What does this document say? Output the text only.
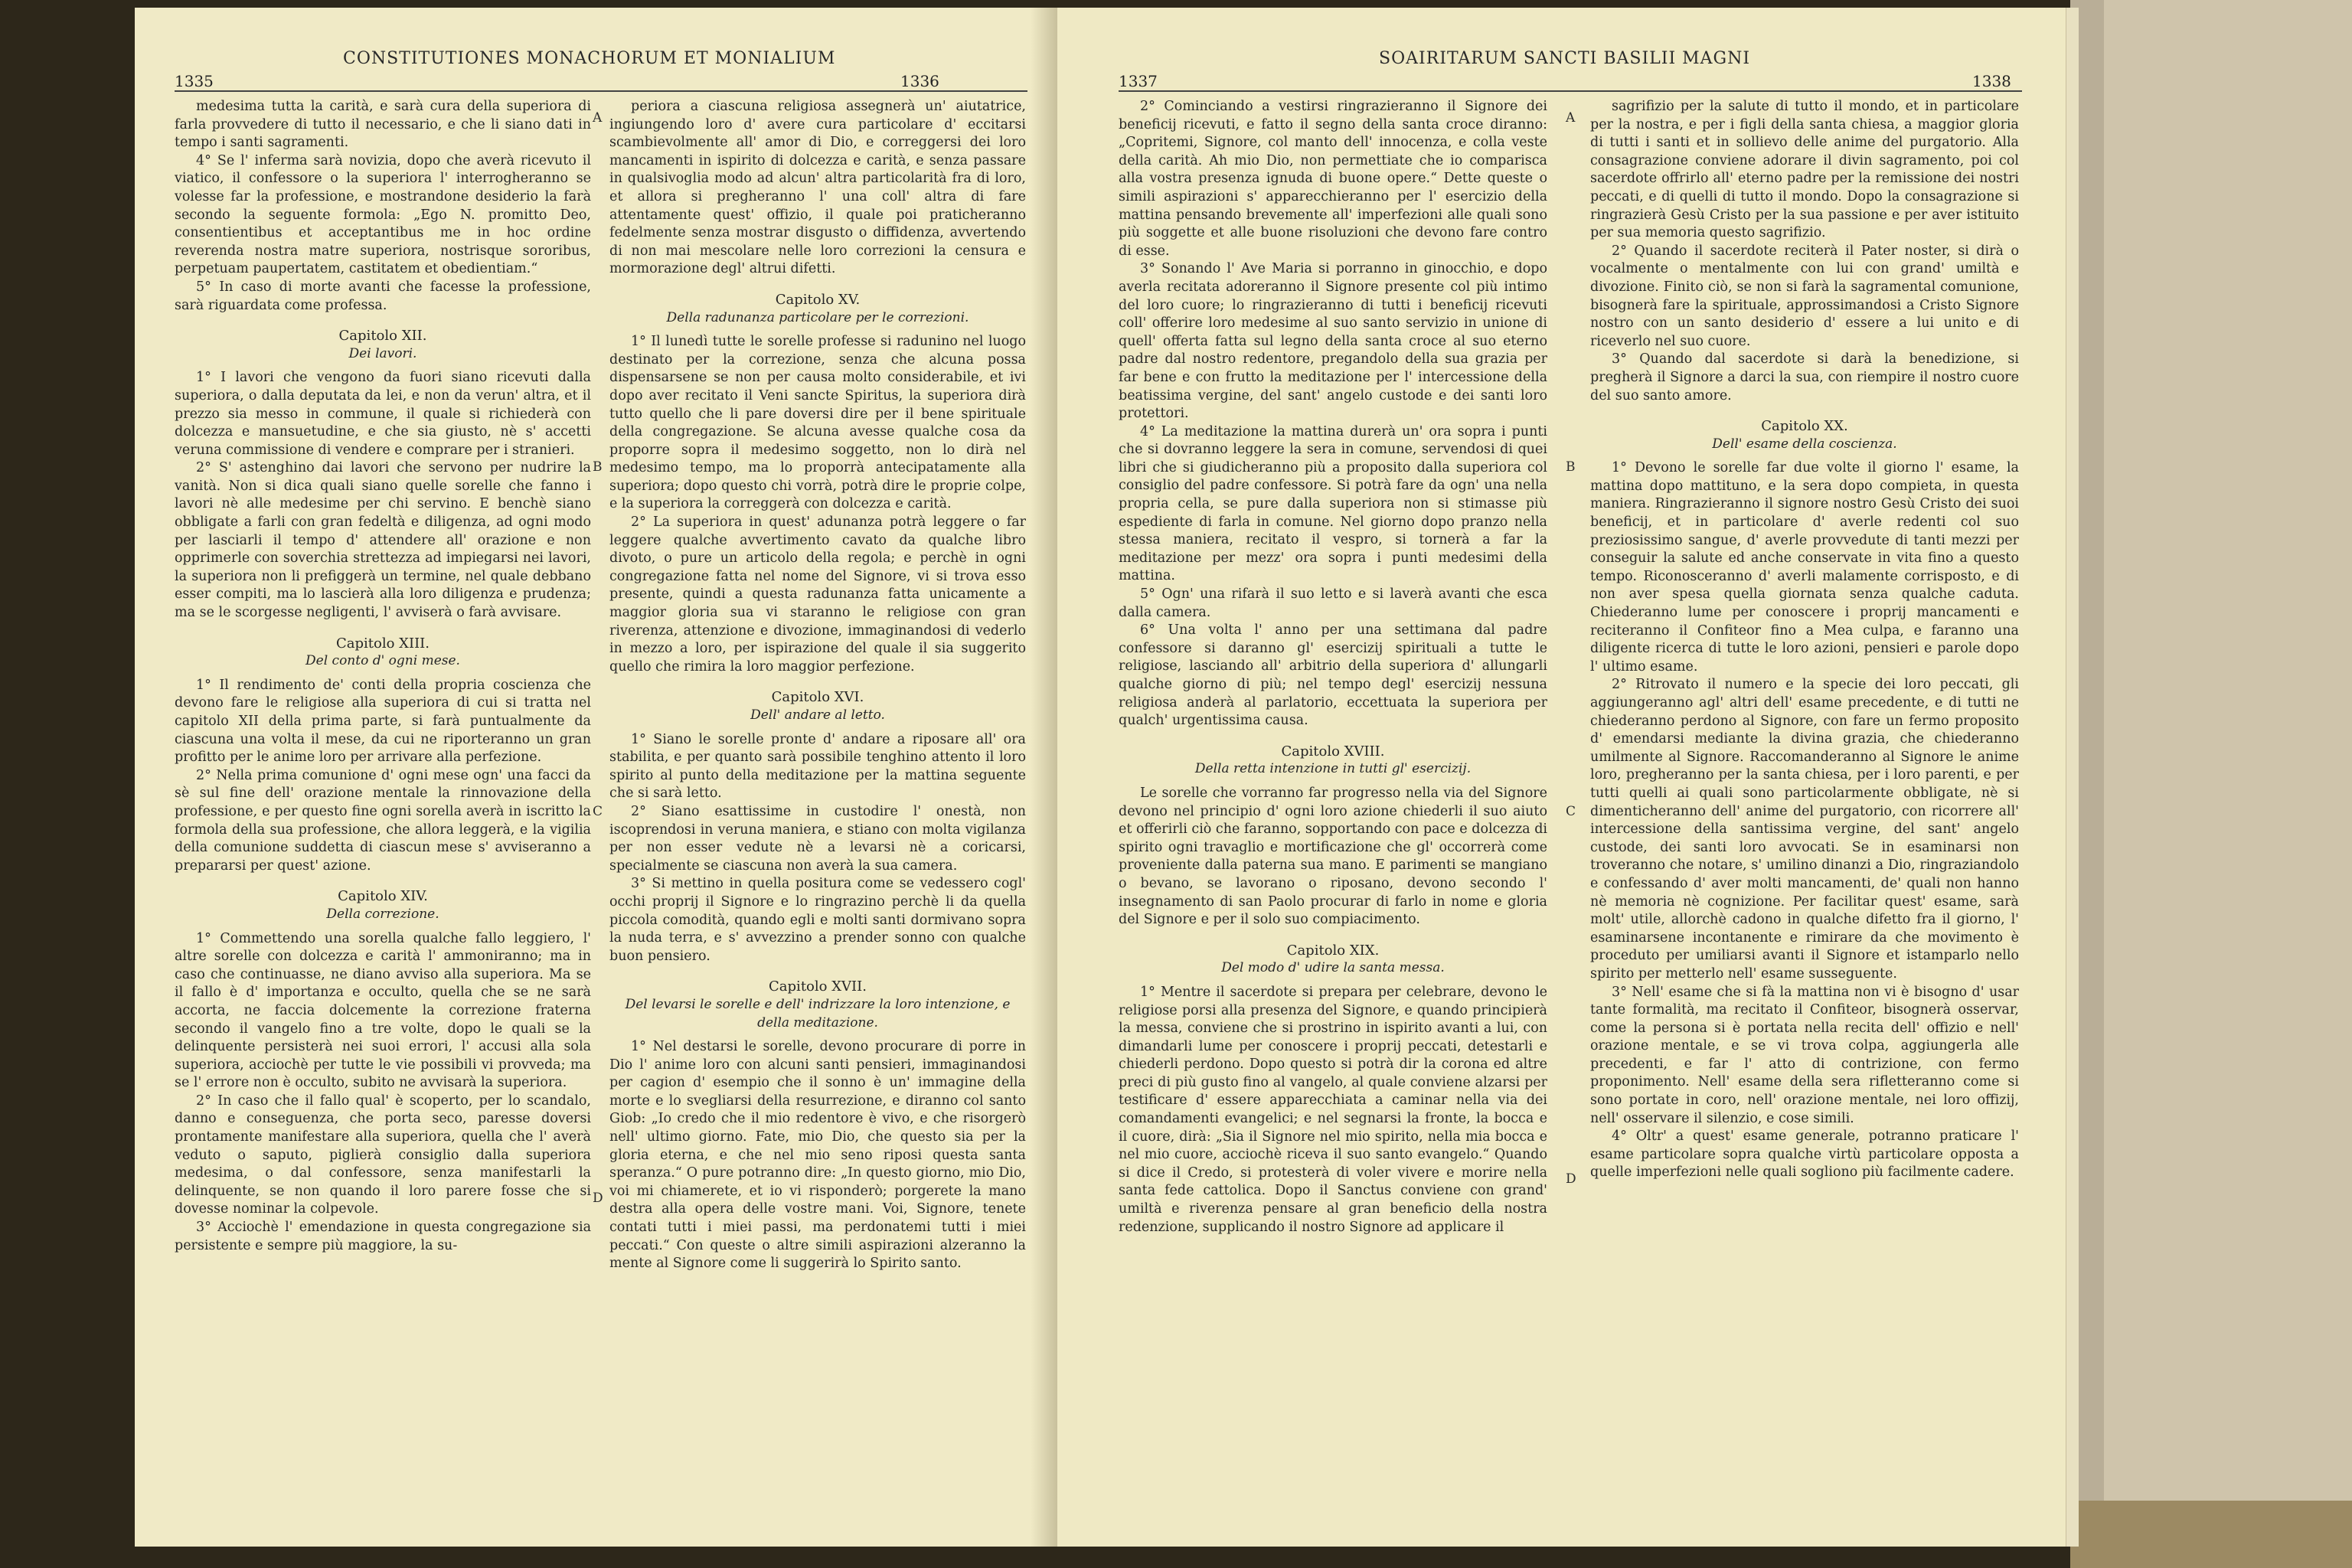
1335
CONSTITUTIONES MONACHORUM ET MONIALIUM
1336

medesima tutta la carità, e sarà cura della superiora di farla provvedere di tutto il necessario, e che li siano dati in tempo i santi sagramenti.

4° Se l' inferma sarà novizia, dopo che averà ricevuto il viatico, il confessore o la superiora l' interrogheranno se volesse far la professione, e mostrandone desiderio la farà secondo la seguente formola: „Ego N. promitto Deo, consentientibus et acceptantibus me in hoc ordine reverenda nostra matre superiora, nostrisque sororibus, perpetuam paupertatem, castitatem et obedientiam.“

5° In caso di morte avanti che facesse la professione, sarà riguardata come professa.

Capitolo XII.

Dei lavori.

1° I lavori che vengono da fuori siano ricevuti dalla superiora, o dalla deputata da lei, e non da verun' altra, et il prezzo sia messo in commune, il quale si richiederà con dolcezza e mansuetudine, e che sia giusto, nè s' accetti veruna commissione di vendere e comprare per i stranieri.

2° S' astenghino dai lavori che servono per nudrire la vanità. Non si dica quali siano quelle sorelle che fanno i lavori nè alle medesime per chi servino. E benchè siano obbligate a farli con gran fedeltà e diligenza, ad ogni modo per lasciarli il tempo d' attendere all' orazione e non opprimerle con soverchia strettezza ad impiegarsi nei lavori, la superiora non li prefiggerà un termine, nel quale debbano esser compiti, ma lo lascierà alla loro diligenza e prudenza; ma se le scorgesse negligenti, l' avviserà o farà avvisare.

Capitolo XIII.

Del conto d' ogni mese.

1° Il rendimento de' conti della propria coscienza che devono fare le religiose alla superiora di cui si tratta nel capitolo XII della prima parte, si farà puntualmente da ciascuna una volta il mese, da cui ne riporteranno un gran profitto per le anime loro per arrivare alla perfezione.

2° Nella prima comunione d' ogni mese ogn' una facci da sè sul fine dell' orazione mentale la rinnovazione della professione, e per questo fine ogni sorella averà in iscritto la formola della sua professione, che allora leggerà, e la vigilia della comunione suddetta di ciascun mese s' avviseranno a prepararsi per quest' azione.

Capitolo XIV.

Della correzione.

1° Commettendo una sorella qualche fallo leggiero, l' altre sorelle con dolcezza e carità l' ammoniranno; ma in caso che continuasse, ne diano avviso alla superiora. Ma se il fallo è d' importanza e occulto, quella che se ne sarà accorta, ne faccia dolcemente la correzione fraterna secondo il vangelo fino a tre volte, dopo le quali se la delinquente persisterà nei suoi errori, l' accusi alla sola superiora, acciochè per tutte le vie possibili vi provveda; ma se l' errore non è occulto, subito ne avvisarà la superiora.

2° In caso che il fallo qual' è scoperto, per lo scandalo, danno e conseguenza, che porta seco, paresse doversi prontamente manifestare alla superiora, quella che l' averà veduto o saputo, piglierà consiglio dalla superiora medesima, o dal confessore, senza manifestarli la delinquente, se non quando il loro parere fosse che si dovesse nominar la colpevole.

3° Acciochè l' emendazione in questa congregazione sia persistente e sempre più maggiore, la su-

periora a ciascuna religiosa assegnerà un' aiutatrice, ingiungendo loro d' avere cura particolare d' eccitarsi scambievolmente all' amor di Dio, e correggersi dei loro mancamenti in ispirito di dolcezza e carità, e senza passare in qualsivoglia modo ad alcun' altra particolarità fra di loro, et allora si pregheranno l' una coll' altra di fare attentamente quest' offizio, il quale poi praticheranno fedelmente senza mostrar disgusto o diffidenza, avvertendo di non mai mescolare nelle loro correzioni la censura e mormorazione degl' altrui difetti.

Capitolo XV.

Della radunanza particolare per le correzioni.

1° Il lunedì tutte le sorelle professe si radunino nel luogo destinato per la correzione, senza che alcuna possa dispensarsene se non per causa molto considerabile, et ivi dopo aver recitato il Veni sancte Spiritus, la superiora dirà tutto quello che li pare doversi dire per il bene spirituale della congregazione. Se alcuna avesse qualche cosa da proporre sopra il medesimo soggetto, non lo dirà nel medesimo tempo, ma lo proporrà antecipatamente alla superiora; dopo questo chi vorrà, potrà dire le proprie colpe, e la superiora la correggerà con dolcezza e carità.

2° La superiora in quest' adunanza potrà leggere o far leggere qualche avvertimento cavato da qualche libro divoto, o pure un articolo della regola; e perchè in ogni congregazione fatta nel nome del Signore, vi si trova esso presente, quindi a questa radunanza fatta unicamente a maggior gloria sua vi staranno le religiose con gran riverenza, attenzione e divozione, immaginandosi di vederlo in mezzo a loro, per ispirazione del quale il sia suggerito quello che rimira la loro maggior perfezione.

Capitolo XVI.

Dell' andare al letto.

1° Siano le sorelle pronte d' andare a riposare all' ora stabilita, e per quanto sarà possibile tenghino attento il loro spirito al punto della meditazione per la mattina seguente che si sarà letto.

2° Siano esattissime in custodire l' onestà, non iscoprendosi in veruna maniera, e stiano con molta vigilanza per non esser vedute nè a levarsi nè a coricarsi, specialmente se ciascuna non averà la sua camera.

3° Si mettino in quella positura come se vedessero cogl' occhi proprij il Signore e lo ringrazino perchè li da quella piccola comodità, quando egli e molti santi dormivano sopra la nuda terra, e s' avvezzino a prender sonno con qualche buon pensiero.

Capitolo XVII.

Del levarsi le sorelle e dell' indrizzare la loro intenzione, e della meditazione.

1° Nel destarsi le sorelle, devono procurare di porre in Dio l' anime loro con alcuni santi pensieri, immaginandosi per cagion d' esempio che il sonno è un' immagine della morte e lo svegliarsi della resurrezione, e diranno col santo Giob: „Io credo che il mio redentore è vivo, e che risorgerò nell' ultimo giorno. Fate, mio Dio, che questo sia per la gloria eterna, e che nel mio seno riposi questa santa speranza.“ O pure potranno dire: „In questo giorno, mio Dio, voi mi chiamerete, et io vi risponderò; porgerete la mano destra alla opera delle vostre mani. Voi, Signore, tenete contati tutti i miei passi, ma perdonatemi tutti i miei peccati.“ Con queste o altre simili aspirazioni alzeranno la mente al Signore come li suggerirà lo Spirito santo.

A
B
C
D
1337
SOAIRITARUM SANCTI BASILII MAGNI
1338

2° Cominciando a vestirsi ringrazieranno il Signore dei beneficij ricevuti, e fatto il segno della santa croce diranno: „Copritemi, Signore, col manto dell' innocenza, e colla veste della carità. Ah mio Dio, non permettiate che io comparisca alla vostra presenza ignuda di buone opere.“ Dette queste o simili aspirazioni s' apparecchieranno per l' esercizio della mattina pensando brevemente all' imperfezioni alle quali sono più soggette et alle buone risoluzioni che devono fare contro di esse.

3° Sonando l' Ave Maria si porranno in ginocchio, e dopo averla recitata adoreranno il Signore presente col più intimo del loro cuore; lo ringrazieranno di tutti i beneficij ricevuti coll' offerire loro medesime al suo santo servizio in unione di quell' offerta fatta sul legno della santa croce al suo eterno padre dal nostro redentore, pregandolo della sua grazia per far bene e con frutto la meditazione per l' intercessione della beatissima vergine, del sant' angelo custode e dei santi loro protettori.

4° La meditazione la mattina durerà un' ora sopra i punti che si dovranno leggere la sera in comune, servendosi di quei libri che si giudicheranno più a proposito dalla superiora col consiglio del padre confessore. Si potrà fare da ogn' una nella propria cella, se pure dalla superiora non si stimasse più espediente di farla in comune. Nel giorno dopo pranzo nella stessa maniera, recitato il vespro, si tornerà a far la meditazione per mezz' ora sopra i punti medesimi della mattina.

5° Ogn' una rifarà il suo letto e si laverà avanti che esca dalla camera.

6° Una volta l' anno per una settimana dal padre confessore si daranno gl' esercizij spirituali a tutte le religiose, lasciando all' arbitrio della superiora d' allungarli qualche giorno di più; nel tempo degl' esercizij nessuna religiosa anderà al parlatorio, eccettuata la superiora per qualch' urgentissima causa.

Capitolo XVIII.

Della retta intenzione in tutti gl' esercizij.

Le sorelle che vorranno far progresso nella via del Signore devono nel principio d' ogni loro azione chiederli il suo aiuto et offerirli ciò che faranno, sopportando con pace e dolcezza di spirito ogni travaglio e mortificazione che gl' occorrerà come proveniente dalla paterna sua mano. E parimenti se mangiano o bevano, se lavorano o riposano, devono secondo l' insegnamento di san Paolo procurar di farlo in nome e gloria del Signore e per il solo suo compiacimento.

Capitolo XIX.

Del modo d' udire la santa messa.

1° Mentre il sacerdote si prepara per celebrare, devono le religiose porsi alla presenza del Signore, e quando principierà la messa, conviene che si prostrino in ispirito avanti a lui, con dimandarli lume per conoscere i proprij peccati, detestarli e chiederli perdono. Dopo questo si potrà dir la corona ed altre preci di più gusto fino al vangelo, al quale conviene alzarsi per testificare d' essere apparecchiata a caminar nella via dei comandamenti evangelici; e nel segnarsi la fronte, la bocca e il cuore, dirà: „Sia il Signore nel mio spirito, nella mia bocca e nel mio cuore, acciochè riceva il suo santo evangelo.“ Quando si dice il Credo, si protesterà di voler vivere e morire nella santa fede cattolica. Dopo il Sanctus conviene con grand' umiltà e riverenza pensare al gran beneficio della nostra redenzione, supplicando il nostro Signore ad applicare il

sagrifizio per la salute di tutto il mondo, et in particolare per la nostra, e per i figli della santa chiesa, a maggior gloria di tutti i santi et in sollievo delle anime del purgatorio. Alla consagrazione conviene adorare il divin sagramento, poi col sacerdote offrirlo all' eterno padre per la remissione dei nostri peccati, e di quelli di tutto il mondo. Dopo la consagrazione si ringrazierà Gesù Cristo per la sua passione e per aver istituito per sua memoria questo sagrifizio.

2° Quando il sacerdote reciterà il Pater noster, si dirà o vocalmente o mentalmente con lui con grand' umiltà e divozione. Finito ciò, se non si farà la sagramental comunione, bisognerà fare la spirituale, approssimandosi a Cristo Signore nostro con un santo desiderio d' essere a lui unito e di riceverlo nel suo cuore.

3° Quando dal sacerdote si darà la benedizione, si pregherà il Signore a darci la sua, con riempire il nostro cuore del suo santo amore.

Capitolo XX.

Dell' esame della coscienza.

1° Devono le sorelle far due volte il giorno l' esame, la mattina dopo mattituno, e la sera dopo compieta, in questa maniera. Ringrazieranno il signore nostro Gesù Cristo dei suoi beneficij, et in particolare d' averle redenti col suo preziosissimo sangue, d' averle provvedute di tanti mezzi per conseguir la salute ed anche conservate in vita fino a questo tempo. Riconosceranno d' averli malamente corrisposto, e di non aver spesa quella giornata senza qualche caduta. Chiederanno lume per conoscere i proprij mancamenti e reciteranno il Confiteor fino a Mea culpa, e faranno una diligente ricerca di tutte le loro azioni, pensieri e parole dopo l' ultimo esame.

2° Ritrovato il numero e la specie dei loro peccati, gli aggiungeranno agl' altri dell' esame precedente, e di tutti ne chiederanno perdono al Signore, con fare un fermo proposito d' emendarsi mediante la divina grazia, che chiederanno umilmente al Signore. Raccomanderanno al Signore le anime loro, pregheranno per la santa chiesa, per i loro parenti, e per tutti quelli ai quali sono particolarmente obbligate, nè si dimenticheranno dell' anime del purgatorio, con ricorrere all' intercessione della santissima vergine, del sant' angelo custode, dei santi loro avvocati. Se in esaminarsi non troveranno che notare, s' umilino dinanzi a Dio, ringraziandolo e confessando d' aver molti mancamenti, de' quali non hanno nè memoria nè cognizione. Per facilitar quest' esame, sarà molt' utile, allorchè cadono in qualche difetto fra il giorno, l' esaminarsene incontanente e rimirare da che movimento è proceduto per umiliarsi avanti il Signore et istamparlo nello spirito per metterlo nell' esame susseguente.

3° Nell' esame che si fà la mattina non vi è bisogno d' usar tante formalità, ma recitato il Confiteor, bisognerà osservar, come la persona si è portata nella recita dell' offizio e nell' orazione mentale, e se vi trova colpa, aggiungerla alle precedenti, e far l' atto di contrizione, con fermo proponimento. Nell' esame della sera rifletteranno come si sono portate in coro, nell' orazione mentale, nei loro offizij, nell' osservare il silenzio, e cose simili.

4° Oltr' a quest' esame generale, potranno praticare l' esame particolare sopra qualche virtù particolare opposta a quelle imperfezioni nelle quali sogliono più facilmente cadere.

A
B
C
D
